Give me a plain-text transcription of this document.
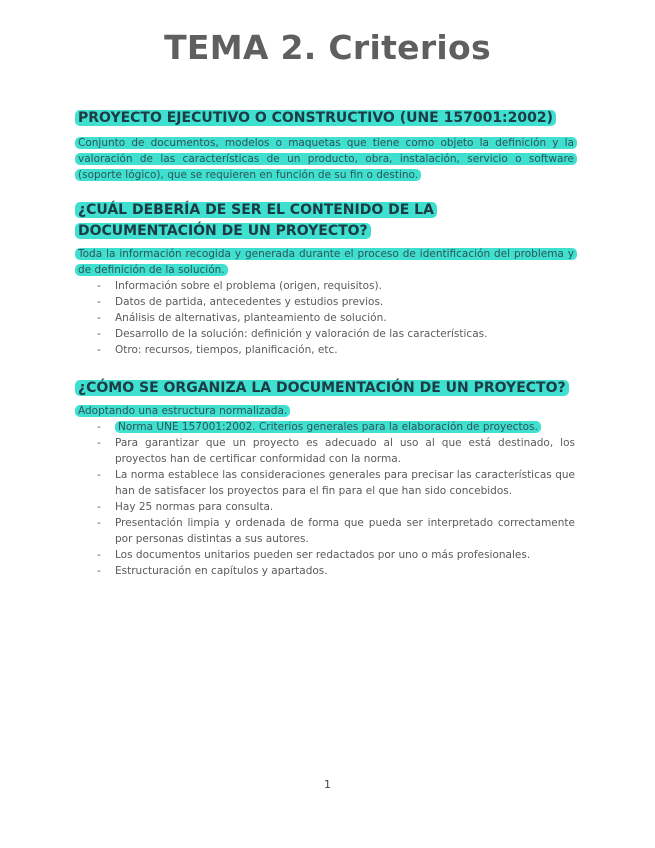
TEMA 2. Criterios

PROYECTO EJECUTIVO O CONSTRUCTIVO (UNE 157001:2002)

Conjunto de documentos, modelos o maquetas que tiene como objeto la definición y la valoración de las características de un producto, obra, instalación, servicio o software (soporte lógico), que se requieren en función de su fin o destino.

¿CUÁL DEBERÍA DE SER EL CONTENIDO DE LA DOCUMENTACIÓN DE UN PROYECTO?

Toda la información recogida y generada durante el proceso de identificación del problema y de definición de la solución.

- Información sobre el problema (origen, requisitos).
- Datos de partida, antecedentes y estudios previos.
- Análisis de alternativas, planteamiento de solución.
- Desarrollo de la solución: definición y valoración de las características.
- Otro: recursos, tiempos, planificación, etc.

¿CÓMO SE ORGANIZA LA DOCUMENTACIÓN DE UN PROYECTO?

Adoptando una estructura normalizada.

- Norma UNE 157001:2002. Criterios generales para la elaboración de proyectos.
- Para garantizar que un proyecto es adecuado al uso al que está destinado, los proyectos han de certificar conformidad con la norma.
- La norma establece las consideraciones generales para precisar las características que han de satisfacer los proyectos para el fin para el que han sido concebidos.
- Hay 25 normas para consulta.
- Presentación limpia y ordenada de forma que pueda ser interpretado correctamente por personas distintas a sus autores.
- Los documentos unitarios pueden ser redactados por uno o más profesionales.
- Estructuración en capítulos y apartados.
1
